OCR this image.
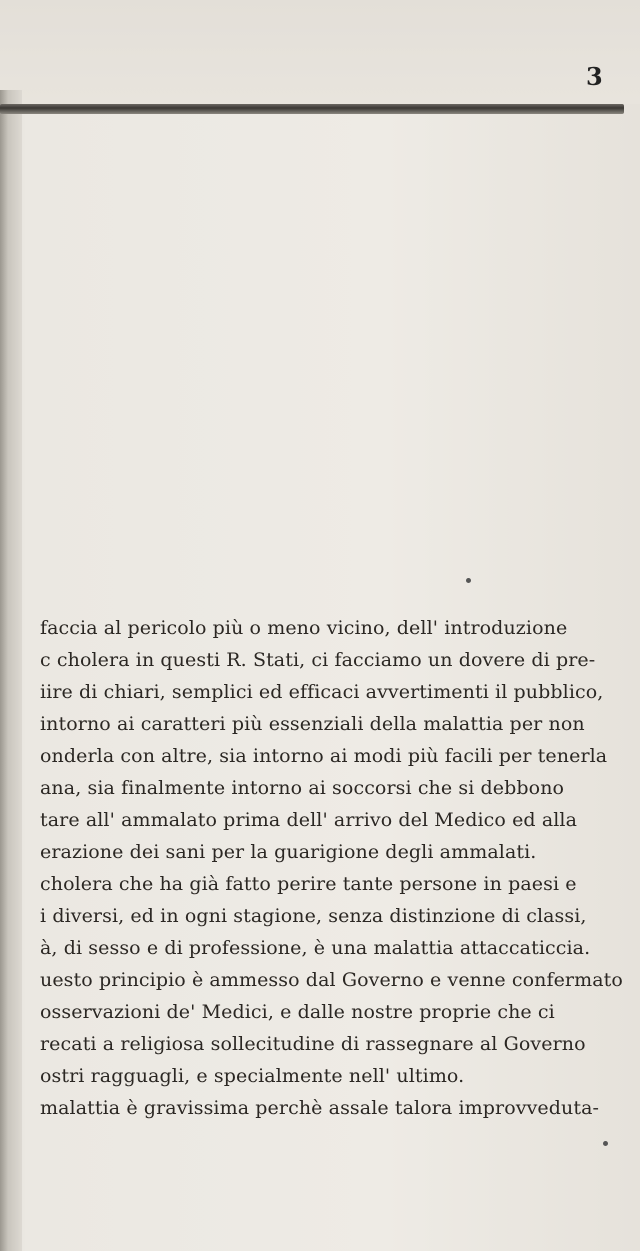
3
faccia al pericolo più o meno vicino, dell' introduzione
c cholera in questi R. Stati, ci facciamo un dovere di pre-
iire di chiari, semplici ed efficaci avvertimenti il pubblico,
intorno ai caratteri più essenziali della malattia per non
onderla con altre, sia intorno ai modi più facili per tenerla
ana, sia finalmente intorno ai soccorsi che si debbono
tare all' ammalato prima dell' arrivo del Medico ed alla
erazione dei sani per la guarigione degli ammalati.
cholera che ha già fatto perire tante persone in paesi e
i diversi, ed in ogni stagione, senza distinzione di classi,
à, di sesso e di professione, è una malattia attaccaticcia.
uesto principio è ammesso dal Governo e venne confermato
osservazioni de' Medici, e dalle nostre proprie che ci
recati a religiosa sollecitudine di rassegnare al Governo
ostri ragguagli, e specialmente nell' ultimo.
malattia è gravissima perchè assale talora improvveduta-
